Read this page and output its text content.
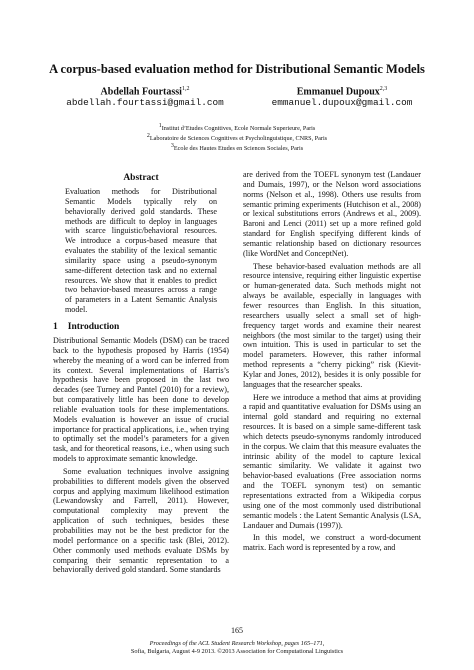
A corpus-based evaluation method for Distributional Semantic Models
Abdellah Fourtassi$^{1,2}$
abdellah.fourtassi@gmail.com
Emmanuel Dupoux$^{2,3}$
emmanuel.dupoux@gmail.com
$^1$Institut d’Etudes Cognitives, Ecole Normale Superieure, Paris
$^2$Laboratoire de Sciences Cognitives et Psycholinguistique, CNRS, Paris
$^3$Ecole des Hautes Etudes en Sciences Sociales, Paris
Abstract
Evaluation methods for Distributional Semantic Models typically rely on behaviorally derived gold standards. These methods are difficult to deploy in languages with scarce linguistic/behavioral resources. We introduce a corpus-based measure that evaluates the stability of the lexical semantic similarity space using a pseudo-synonym same-different detection task and no external resources. We show that it enables to predict two behavior-based measures across a range of parameters in a Latent Semantic Analysis model.
1 Introduction

Distributional Semantic Models (DSM) can be traced back to the hypothesis proposed by Harris (1954) whereby the meaning of a word can be inferred from its context. Several implementations of Harris’s hypothesis have been proposed in the last two decades (see Turney and Pantel (2010) for a review), but comparatively little has been done to develop reliable evaluation tools for these implementations. Models evaluation is however an issue of crucial importance for practical applications, i.e., when trying to optimally set the model’s parameters for a given task, and for theoretical reasons, i.e., when using such models to approximate semantic knowledge.

Some evaluation techniques involve assigning probabilities to different models given the observed corpus and applying maximum likelihood estimation (Lewandowsky and Farrell, 2011). However, computational complexity may prevent the application of such techniques, besides these probabilities may not be the best predictor for the model performance on a specific task (Blei, 2012). Other commonly used methods evaluate DSMs by comparing their semantic representation to a behaviorally derived gold standard. Some standards

are derived from the TOEFL synonym test (Landauer and Dumais, 1997), or the Nelson word associations norms (Nelson et al., 1998). Others use results from semantic priming experiments (Hutchison et al., 2008) or lexical substitutions errors (Andrews et al., 2009). Baroni and Lenci (2011) set up a more refined gold standard for English specifying different kinds of semantic relationship based on dictionary resources (like WordNet and ConceptNet).

These behavior-based evaluation methods are all resource intensive, requiring either linguistic expertise or human-generated data. Such methods might not always be available, especially in languages with fewer resources than English. In this situation, researchers usually select a small set of high-frequency target words and examine their nearest neighbors (the most similar to the target) using their own intuition. This is used in particular to set the model parameters. However, this rather informal method represents a “cherry picking” risk (Kievit-Kylar and Jones, 2012), besides it is only possible for languages that the researcher speaks.

Here we introduce a method that aims at providing a rapid and quantitative evaluation for DSMs using an internal gold standard and requiring no external resources. It is based on a simple same-different task which detects pseudo-synonyms randomly introduced in the corpus. We claim that this measure evaluates the intrinsic ability of the model to capture lexical semantic similarity. We validate it against two behavior-based evaluations (Free association norms and the TOEFL synonym test) on semantic representations extracted from a Wikipedia corpus using one of the most commonly used distributional semantic models : the Latent Semantic Analysis (LSA, Landauer and Dumais (1997)).

In this model, we construct a word-document matrix. Each word is represented by a row, and

165
Proceedings of the ACL Student Research Workshop, pages 165–171,
Sofia, Bulgaria, August 4-9 2013. ©2013 Association for Computational Linguistics
